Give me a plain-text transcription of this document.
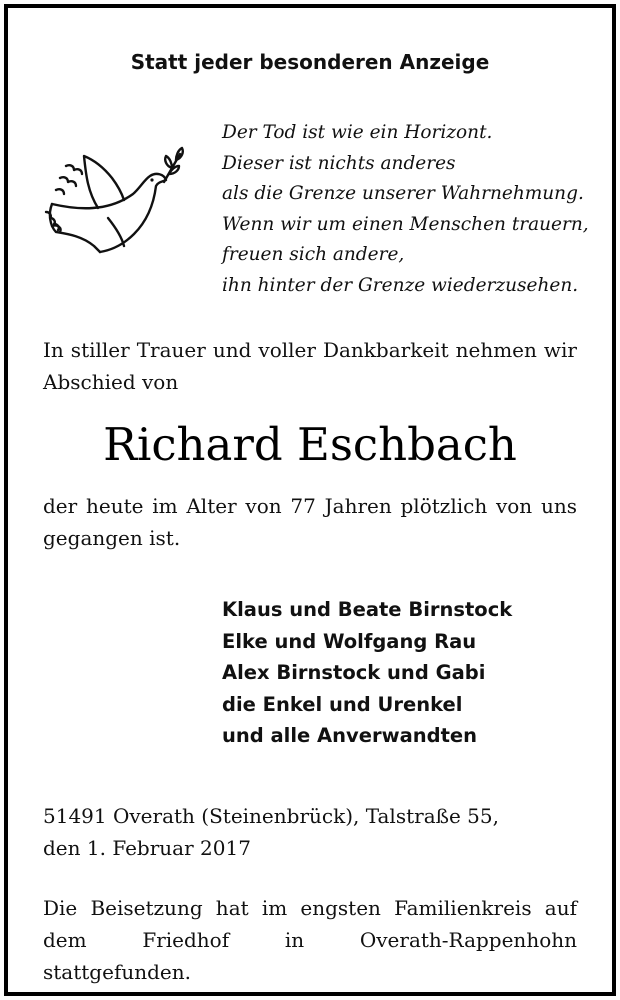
Statt jeder besonderen Anzeige
Der Tod ist wie ein Horizont.
Dieser ist nichts anderes
als die Grenze unserer Wahrnehmung.
Wenn wir um einen Menschen trauern,
freuen sich andere,
ihn hinter der Grenze wiederzusehen.
In stiller Trauer und voller Dankbarkeit nehmen wir Abschied von
Richard Eschbach
der heute im Alter von 77 Jahren plötzlich von uns gegangen ist.
Klaus und Beate Birnstock
Elke und Wolfgang Rau
Alex Birnstock und Gabi
die Enkel und Urenkel
und alle Anverwandten
51491 Overath (Steinenbrück), Talstraße 55,
den 1. Februar 2017
Die Beisetzung hat im engsten Familienkreis auf dem Friedhof in Overath-Rappenhohn stattgefunden.
